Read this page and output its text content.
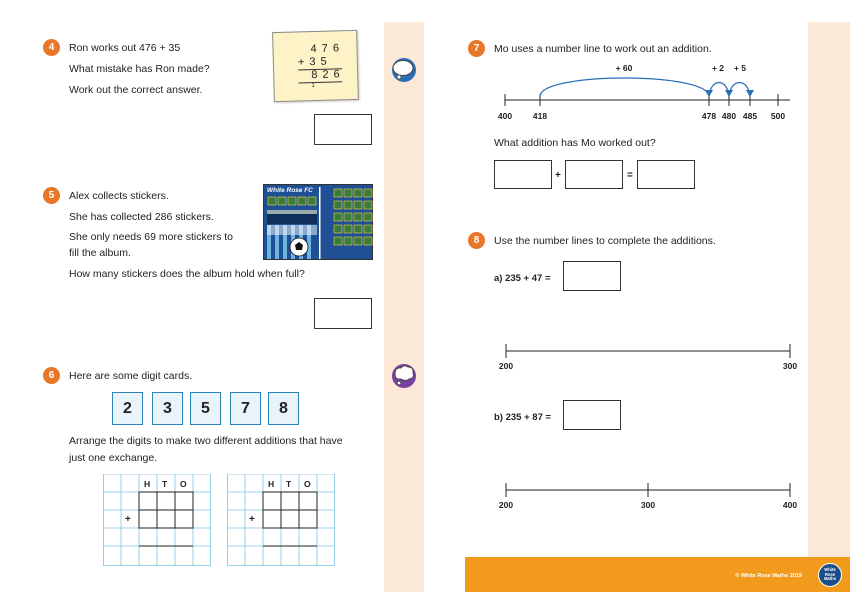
4	Ron works out 476 + 35
What mistake has Ron made?
Work out the correct answer.
4 7 6
+ 3 5
8 2 6
1
5	Alex collects stickers.
She has collected 286 stickers.
She only needs 69 more stickers to
fill the album.
How many stickers does the album hold when full?
White Rose FC
6	Here are some digit cards.
2	3	5	7	8
Arrange the digits to make two different additions that have
just one exchange.
H T O
+
H T O
+
7	Mo uses a number line to work out an addition.
+ 60	+ 2 + 5
400 418	478 480 485 500
What addition has Mo worked out?
+	=
8	Use the number lines to complete the additions.
a) 235 + 47 =
200	300
b) 235 + 87 =
200	300	400
© White Rose Maths 2019
White Rose Maths
